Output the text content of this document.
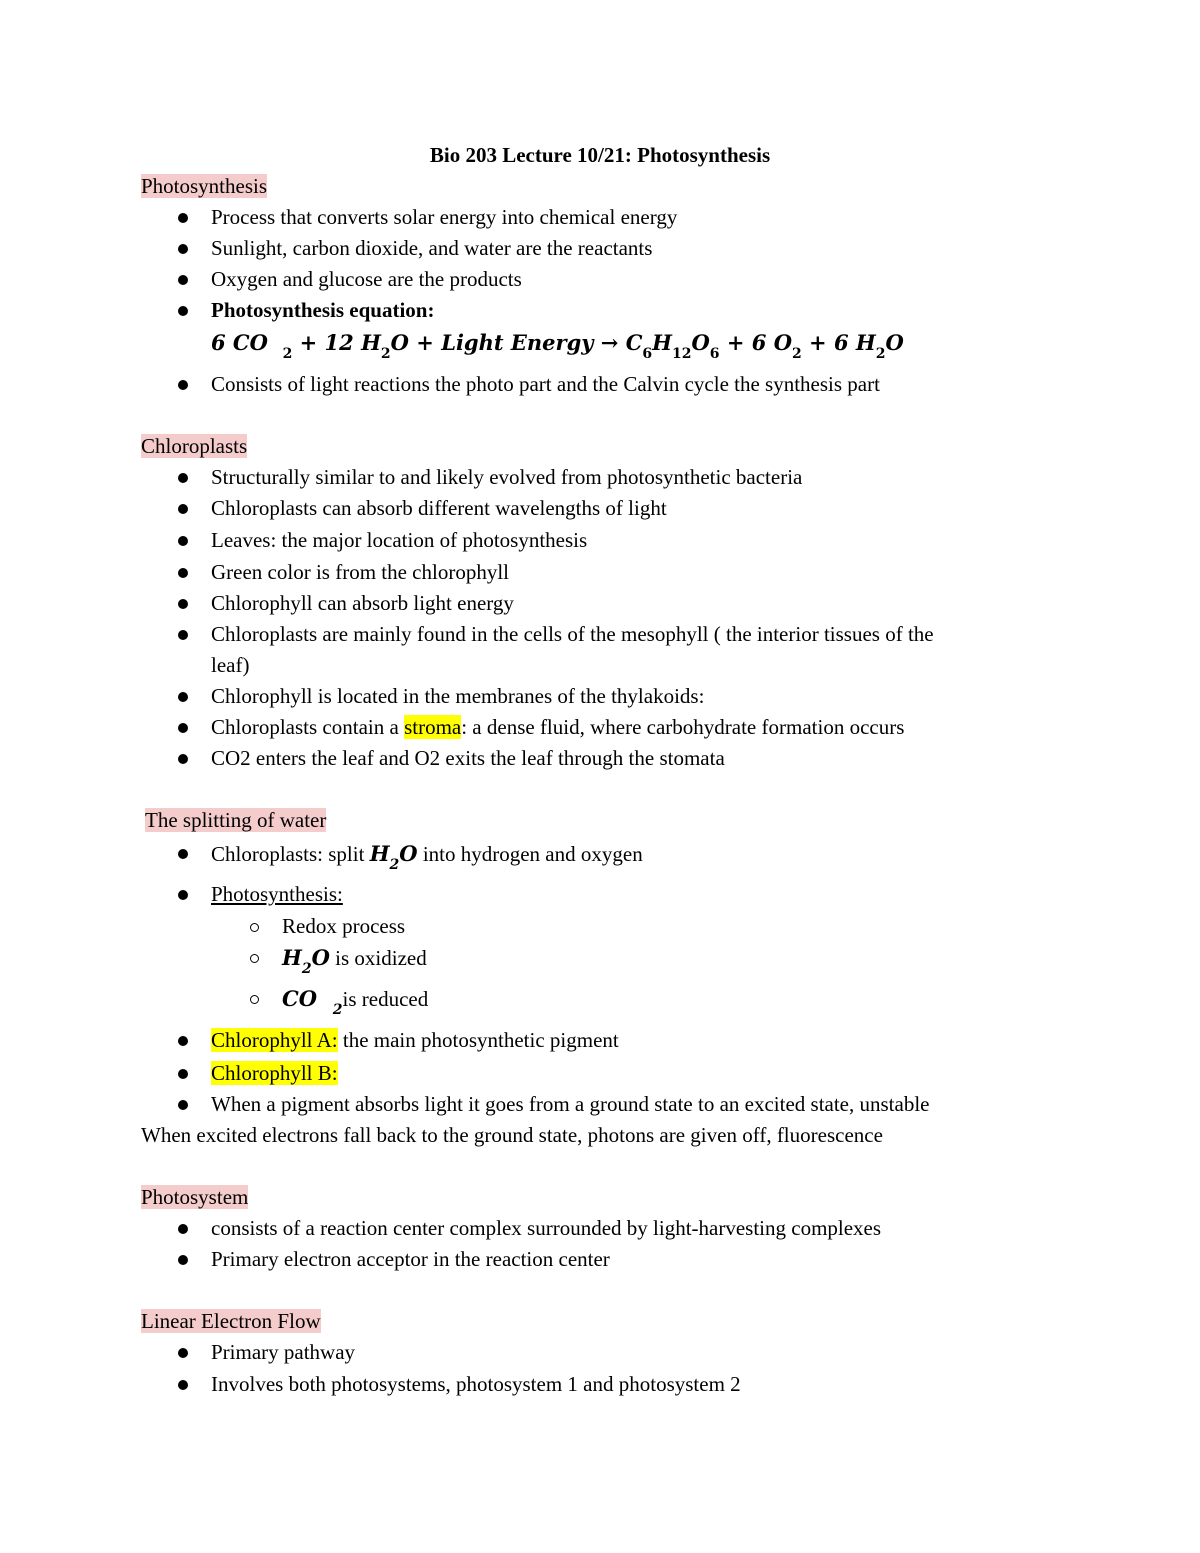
Bio 203 Lecture 10/21: Photosynthesis
Photosynthesis
Process that converts solar energy into chemical energy
Sunlight, carbon dioxide, and water are the reactants
Oxygen and glucose are the products
Photosynthesis equation:
6 CO $_2$ + 12 $H_2O$ + Light Energy → $C_6H_{12}O_6 + 6$ $O_2 + 6$ $H_2O$
Consists of light reactions the photo part and the Calvin cycle the synthesis part
Chloroplasts
Structurally similar to and likely evolved from photosynthetic bacteria
Chloroplasts can absorb different wavelengths of light
Leaves: the major location of photosynthesis
Green color is from the chlorophyll
Chlorophyll can absorb light energy
Chloroplasts are mainly found in the cells of the mesophyll ( the interior tissues of the
leaf)
Chlorophyll is located in the membranes of the thylakoids:
Chloroplasts contain a stroma: a dense fluid, where carbohydrate formation occurs
CO2 enters the leaf and O2 exits the leaf through the stomata
The splitting of water
Chloroplasts: split $H_2O$ into hydrogen and oxygen
Photosynthesis:
Redox process
$H_2O$ is oxidized
CO $_2$is reduced
Chlorophyll A: the main photosynthetic pigment
Chlorophyll B:
When a pigment absorbs light it goes from a ground state to an excited state, unstable
When excited electrons fall back to the ground state, photons are given off, fluorescence
Photosystem
consists of a reaction center complex surrounded by light-harvesting complexes
Primary electron acceptor in the reaction center
Linear Electron Flow
Primary pathway
Involves both photosystems, photosystem 1 and photosystem 2
